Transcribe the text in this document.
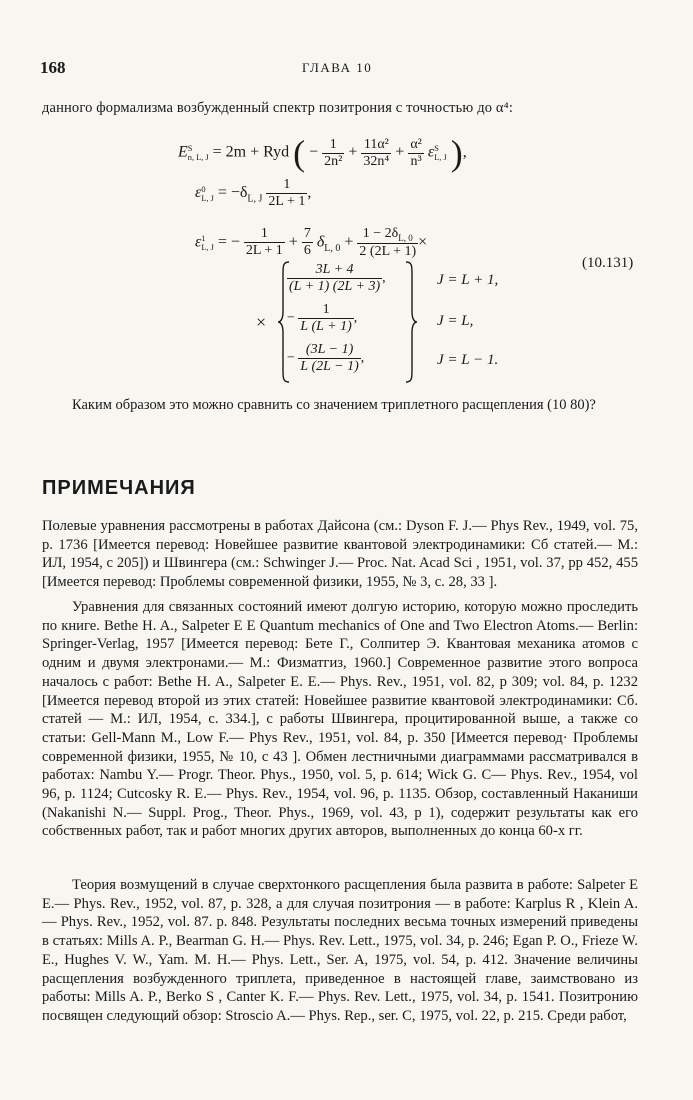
168	ГЛАВА 10
данного формализма возбужденный спектр позитрония с точностью до α⁴:
E S
n, L, J = 2m + Ryd ( − $\frac{1}{\text{2n²}} + \frac{\text{11α²}}{\text{32n⁴}} + \frac{\text{α²}}{\text{n³}}$ ε S
L, J ),
ε 0
L, $J = -\delta_{L, J} \frac{1}{2L + 1}$ ,
ε 1
L, J = − $\frac{1}{2L + 1} + \frac{7}{6} \delta_{L, 0} + \frac{1 - 2\delta_{L, 0}}{2 (2L + 1)}$ ×
(10.131)
×
$\frac{3L + 4}{(L + 1) (2L + 3)}$ ,	J = L + 1,
− $\frac{1}{L (L + 1)}$ ,	J = L,
− $\frac{(3L - 1)}{L (2L - 1)}$ ,	J = L − 1.
Каким образом это можно сравнить со значением триплетного расщепления (10 80)?
ПРИМЕЧАНИЯ

Полевые уравнения рассмотрены в работах Дайсона (см.: Dyson F. J.— Phys Rev., 1949, vol. 75, p. 1736 [Имеется перевод: Новейшее развитие квантовой электродинамики: Сб статей.— М.: ИЛ, 1954, с 205]) и Швингера (см.: Schwinger J.— Proc. Nat. Acad Sci , 1951, vol. 37, pp 452, 455 [Имеется перевод: Проблемы современной физики, 1955, № 3, с. 28, 33 ].

Уравнения для связанных состояний имеют долгую историю, которую можно проследить по книге. Bethe H. A., Salpeter E E Quantum mechanics of One and Two Electron Atoms.— Berlin: Springer-Verlag, 1957 [Имеется перевод: Бете Г., Солпитер Э. Квантовая механика атомов с одним и двумя электронами.— М.: Физматгиз, 1960.] Современное развитие этого вопроса началось с работ: Bethe H. A., Salpeter E. E.— Phys. Rev., 1951, vol. 82, p 309; vol. 84, p. 1232 [Имеется перевод второй из этих статей: Новейшее развитие квантовой электродинамики: Сб. статей — М.: ИЛ, 1954, с. 334.], с работы Швингера, процитированной выше, а также со статьи: Gell-Mann M., Low F.— Phys Rev., 1951, vol. 84, p. 350 [Имеется перевод· Проблемы современной физики, 1955, № 10, с 43 ]. Обмен лестничными диаграммами рассматривался в работах: Nambu Y.— Progr. Theor. Phys., 1950, vol. 5, p. 614; Wick G. C— Phys. Rev., 1954, vol 96, p. 1124; Cutcosky R. E.— Phys. Rev., 1954, vol. 96, p. 1135. Обзор, составленный Наканиши (Nakanishi N.— Suppl. Prog., Theor. Phys., 1969, vol. 43, p 1), содержит результаты как его собственных работ, так и работ многих других авторов, выполненных до конца 60-х гг.

Теория возмущений в случае сверхтонкого расщепления была развита в работе: Salpeter E E.— Phys. Rev., 1952, vol. 87, p. 328, а для случая позитрония — в работе: Karplus R , Klein A.— Phys. Rev., 1952, vol. 87. p. 848. Результаты последних весьма точных измерений приведены в статьях: Mills A. P., Bearman G. H.— Phys. Rev. Lett., 1975, vol. 34, p. 246; Egan P. O., Frieze W. E., Hughes V. W., Yam. M. H.— Phys. Lett., Ser. A, 1975, vol. 54, p. 412. Значение величины расщепления возбужденного триплета, приведенное в настоящей главе, заимствовано из работы: Mills A. P., Berko S , Canter K. F.— Phys. Rev. Lett., 1975, vol. 34, p. 1541. Позитронию посвящен следующий обзор: Stroscio A.— Phys. Rep., ser. C, 1975, vol. 22, p. 215. Среди работ,
